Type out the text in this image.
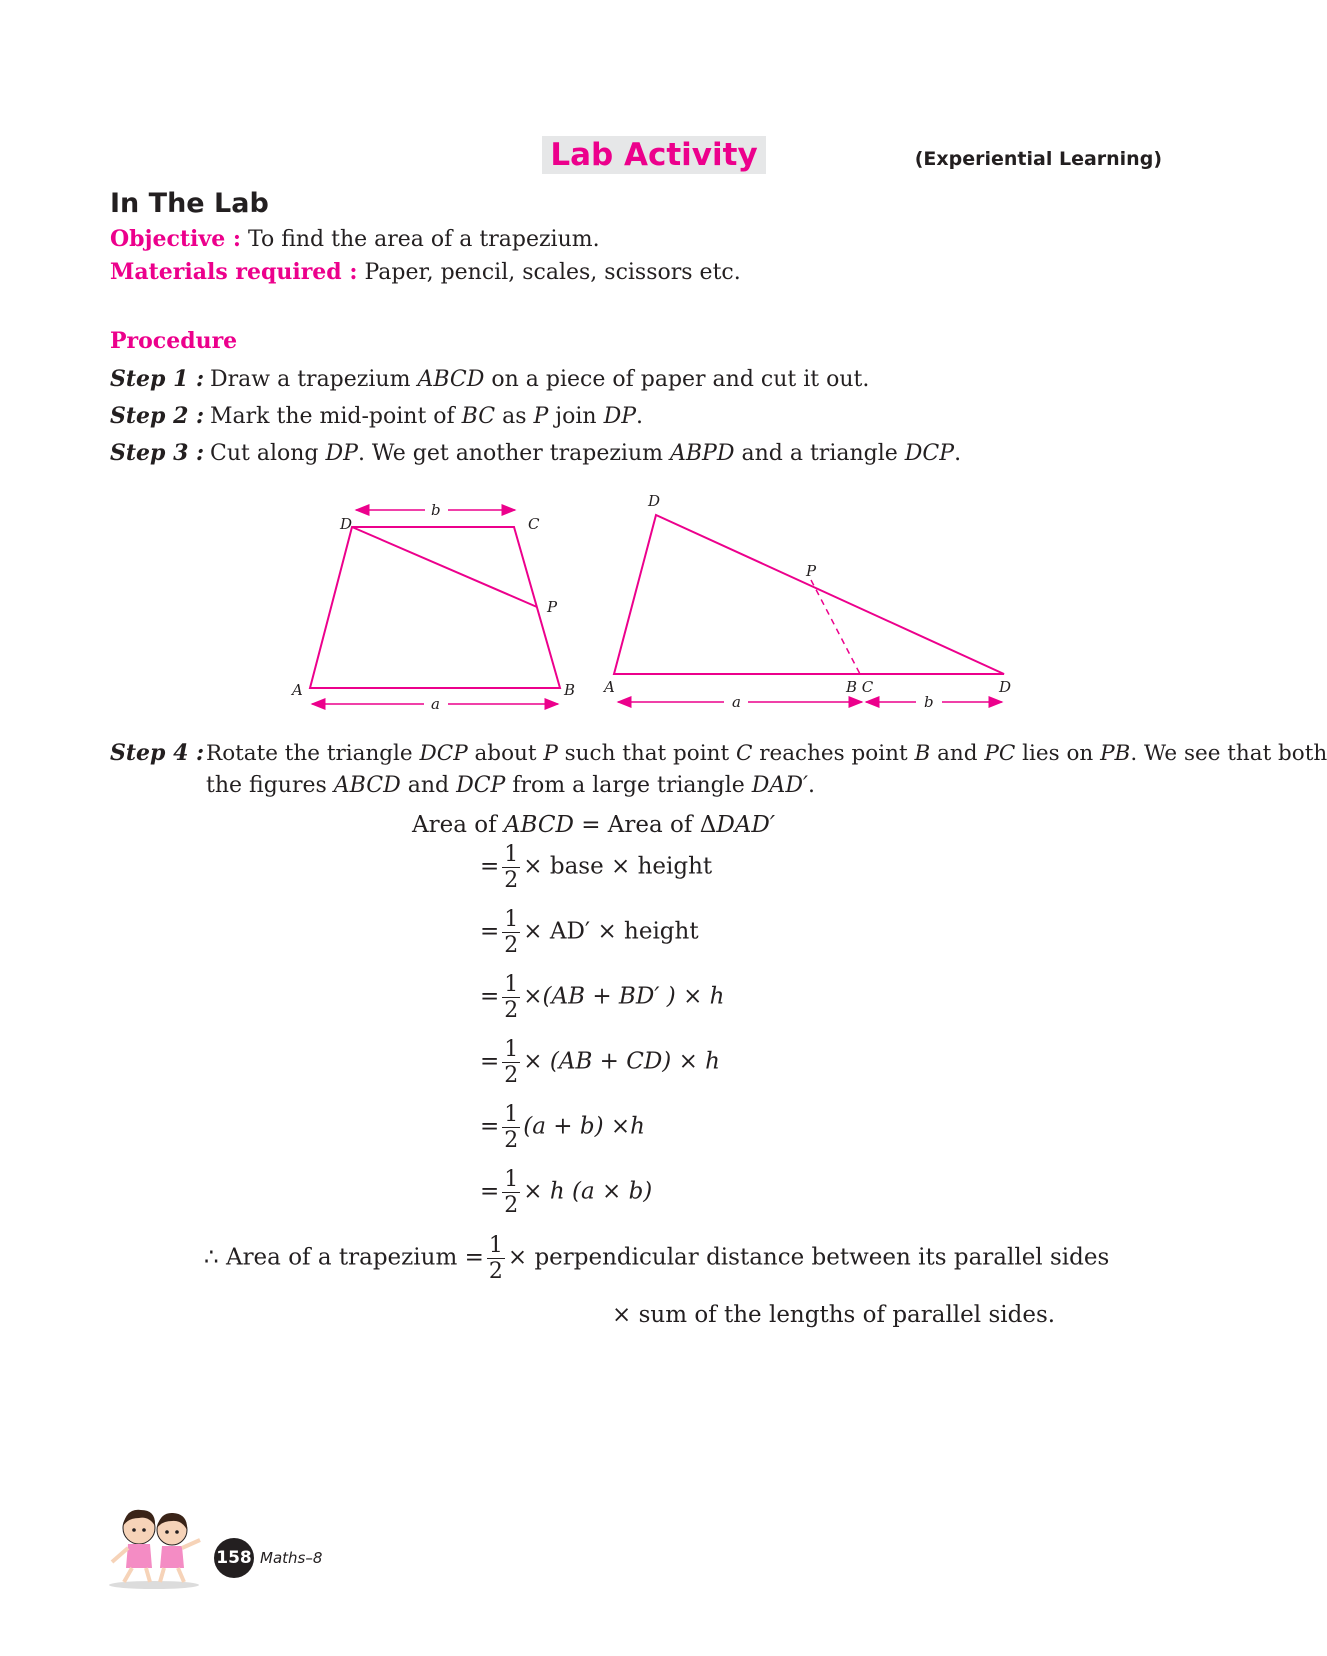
Lab Activity	(Experiential Learning)
In The Lab
Objective : To find the area of a trapezium.
Materials required : Paper, pencil, scales, scissors etc.
Procedure
Step 1 : Draw a trapezium ABCD on a piece of paper and cut it out.
Step 2 : Mark the mid-point of BC as P join DP.
Step 3 : Cut along DP. We get another trapezium ABPD and a triangle DCP.
D	C
P
A	B
b
a
D
P
A	B C	D
a	b
Step 4 :Rotate the triangle DCP about P such that point C reaches point B and PC lies on PB. We see that both
the figures ABCD and DCP from a large triangle DAD′.
Area of ABCD = Area of ΔDAD′
= $\frac{1}{2}$ × base × height
= $\frac{1}{2} \times AD'$ × height
= $\frac{1}{2} \times(AB + BD'$ ) × h
= $\frac{1}{2} \times (AB + CD) \times h$
= $\frac{1}{2} (a + b) \times h$
= $\frac{1}{2} \times h$ (a × b)
∴ Area of a trapezium = $\frac{1}{2}$ × perpendicular distance between its parallel sides
× sum of the lengths of parallel sides.
158 Maths–8
